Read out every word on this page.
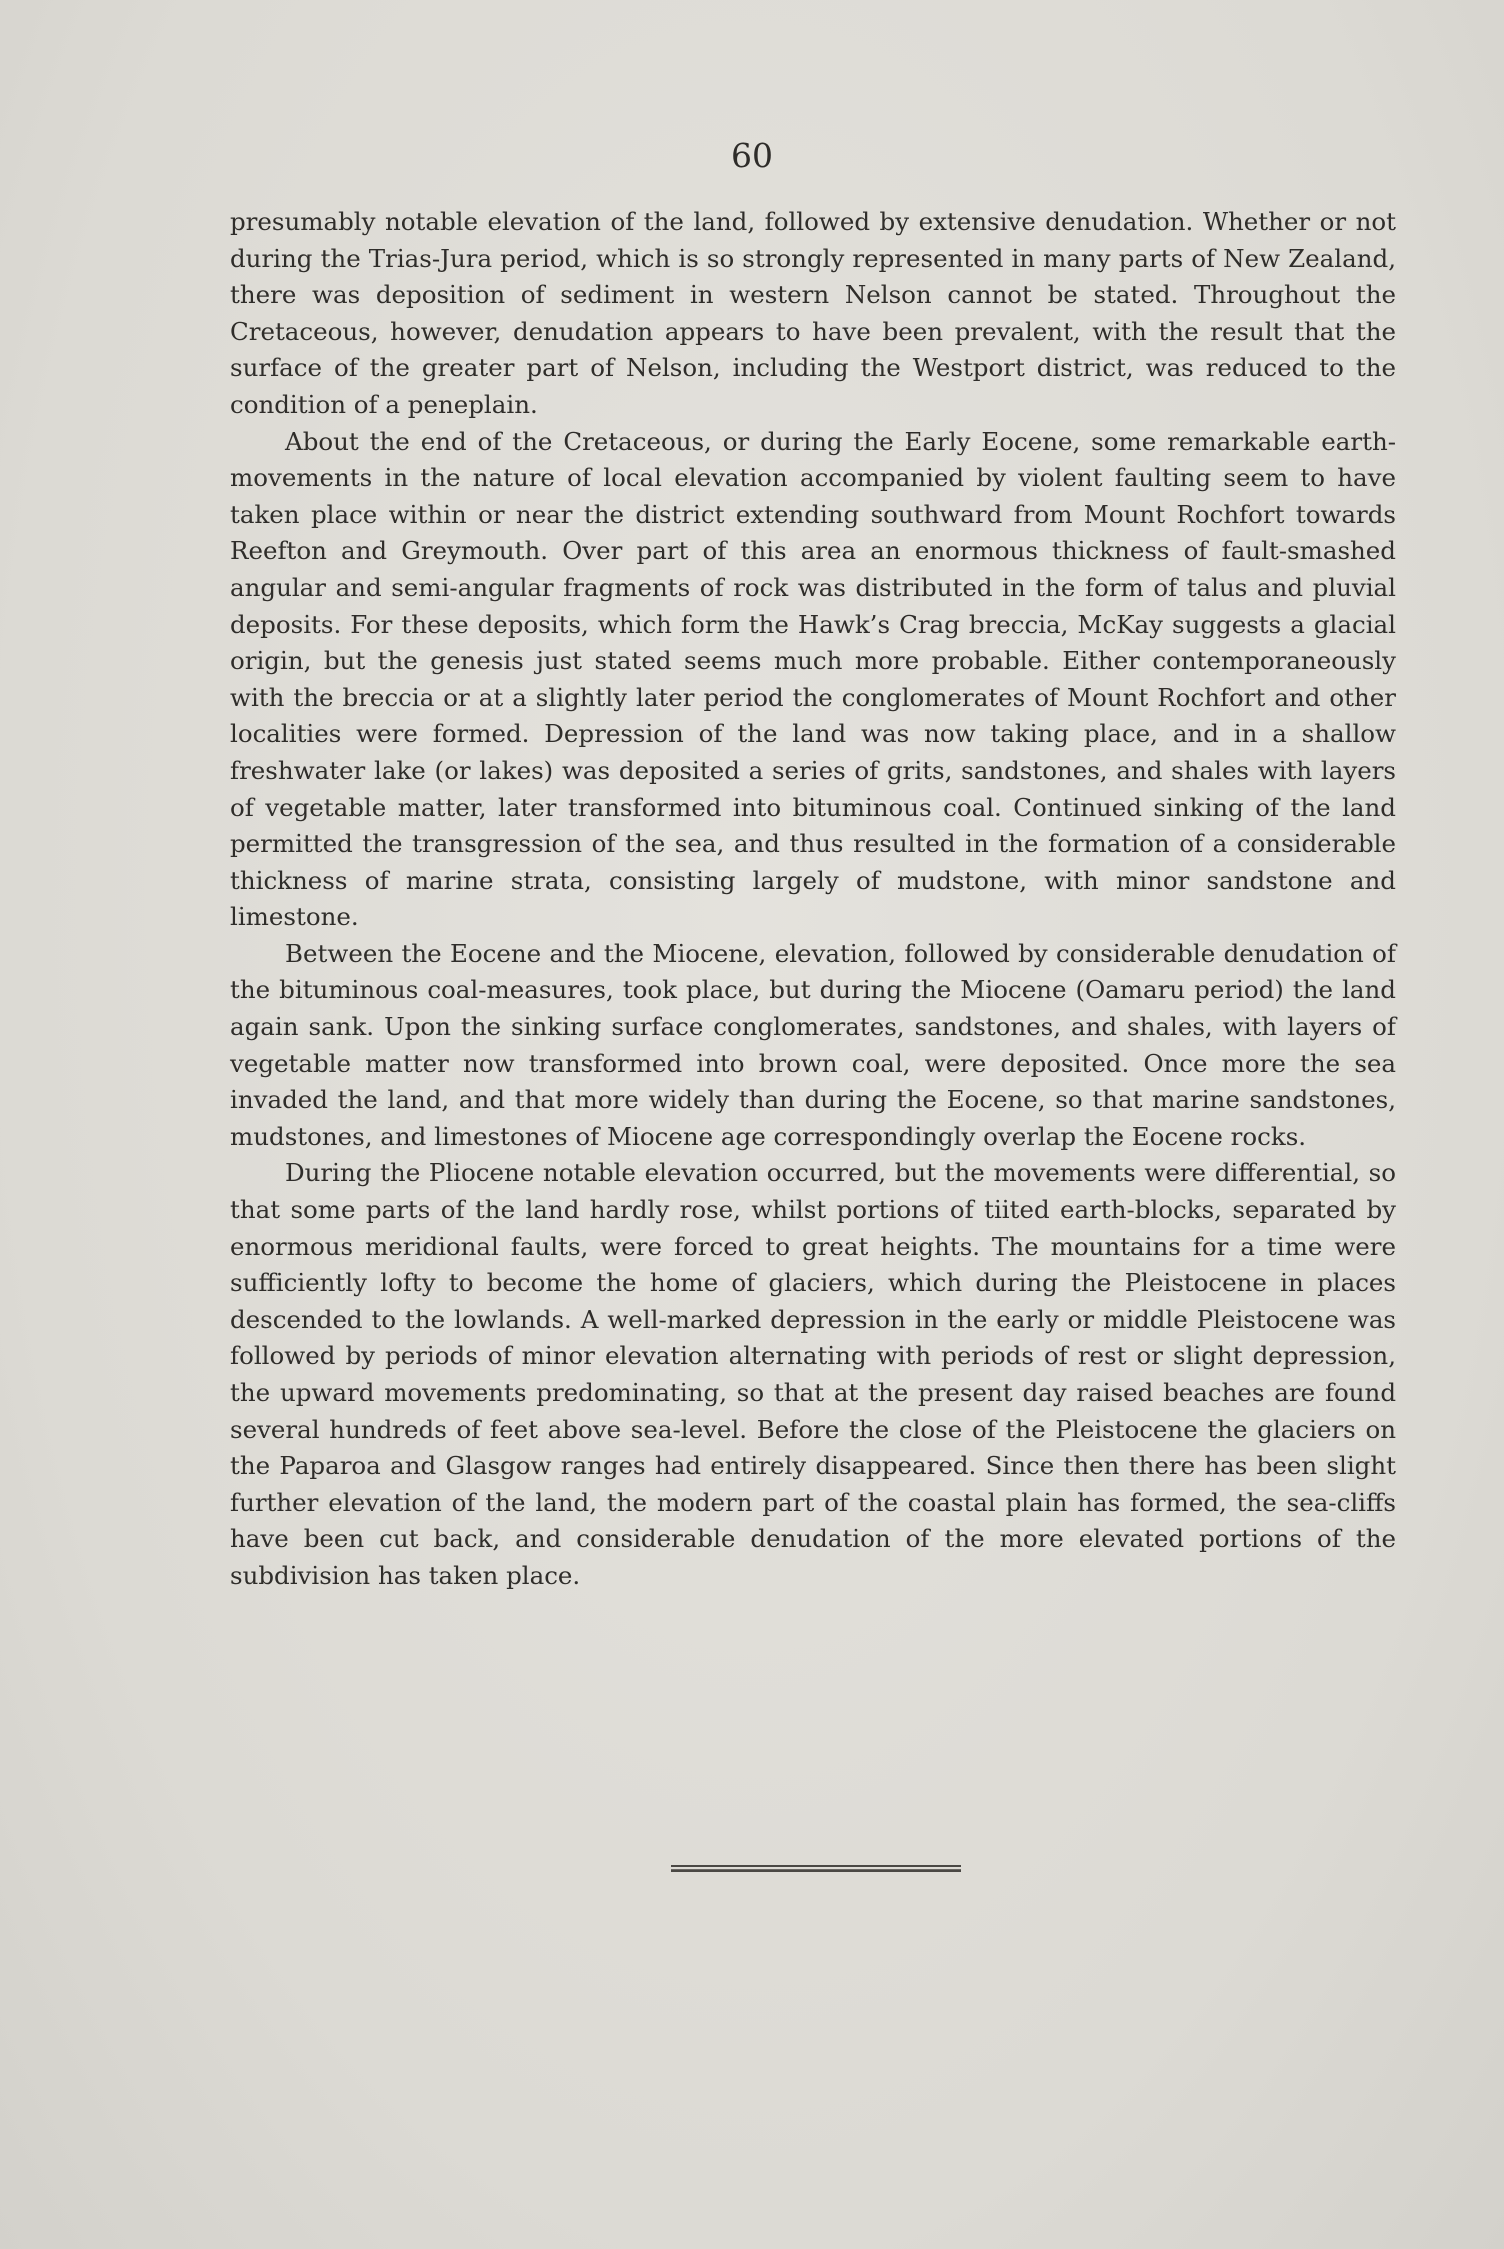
60

presumably notable elevation of the land, followed by extensive denudation. Whether or not during the Trias-Jura period, which is so strongly represented in many parts of New Zealand, there was deposition of sediment in western Nelson cannot be stated. Throughout the Cretaceous, however, denudation appears to have been prevalent, with the result that the surface of the greater part of Nelson, including the Westport district, was reduced to the condition of a peneplain.

About the end of the Cretaceous, or during the Early Eocene, some remarkable earth-movements in the nature of local elevation accompanied by violent faulting seem to have taken place within or near the district extending southward from Mount Rochfort towards Reefton and Greymouth. Over part of this area an enormous thickness of fault-smashed angular and semi-angular fragments of rock was distributed in the form of talus and pluvial deposits. For these deposits, which form the Hawk’s Crag breccia, McKay suggests a glacial origin, but the genesis just stated seems much more probable. Either contemporaneously with the breccia or at a slightly later period the conglomerates of Mount Rochfort and other localities were formed. Depression of the land was now taking place, and in a shallow freshwater lake (or lakes) was deposited a series of grits, sandstones, and shales with layers of vegetable matter, later transformed into bituminous coal. Continued sinking of the land permitted the transgression of the sea, and thus resulted in the formation of a considerable thickness of marine strata, consisting largely of mudstone, with minor sandstone and limestone.

Between the Eocene and the Miocene, elevation, followed by considerable denudation of the bituminous coal-measures, took place, but during the Miocene (Oamaru period) the land again sank. Upon the sinking surface conglomerates, sandstones, and shales, with layers of vegetable matter now transformed into brown coal, were deposited. Once more the sea invaded the land, and that more widely than during the Eocene, so that marine sandstones, mudstones, and limestones of Miocene age correspondingly overlap the Eocene rocks.

During the Pliocene notable elevation occurred, but the movements were differential, so that some parts of the land hardly rose, whilst portions of tiited earth-blocks, separated by enormous meridional faults, were forced to great heights. The mountains for a time were sufficiently lofty to become the home of glaciers, which during the Pleistocene in places descended to the lowlands. A well-marked depression in the early or middle Pleistocene was followed by periods of minor elevation alternating with periods of rest or slight depression, the upward movements predominating, so that at the present day raised beaches are found several hundreds of feet above sea-level. Before the close of the Pleistocene the glaciers on the Paparoa and Glasgow ranges had entirely disappeared. Since then there has been slight further elevation of the land, the modern part of the coastal plain has formed, the sea-cliffs have been cut back, and considerable denudation of the more elevated portions of the subdivision has taken place.
